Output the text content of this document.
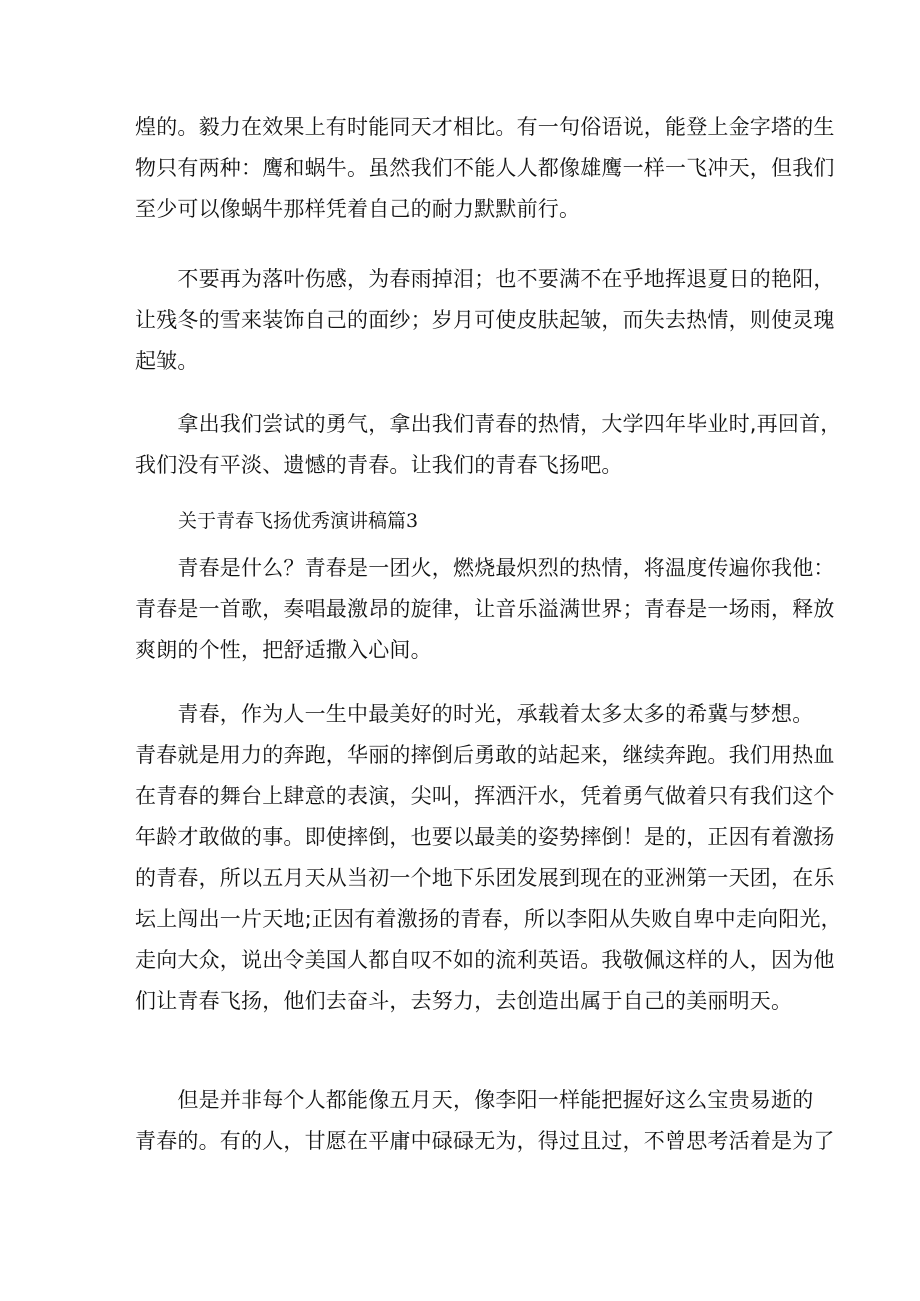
煌的。毅力在效果上有时能同天才相比。有一句俗语说，能登上金字塔的生
物只有两种：鹰和蜗牛。虽然我们不能人人都像雄鹰一样一飞冲天，但我们
至少可以像蜗牛那样凭着自己的耐力默默前行。

　　不要再为落叶伤感，为春雨掉泪；也不要满不在乎地挥退夏日的艳阳，
让残冬的雪来装饰自己的面纱；岁月可使皮肤起皱，而失去热情，则使灵瑰
起皱。

　　拿出我们尝试的勇气，拿出我们青春的热情，大学四年毕业时,再回首，
我们没有平淡、遗憾的青春。让我们的青春飞扬吧。

关于青春飞扬优秀演讲稿篇3

　　青春是什么？青春是一团火，燃烧最炽烈的热情，将温度传遍你我他：
青春是一首歌，奏唱最激昂的旋律，让音乐溢满世界；青春是一场雨，释放
爽朗的个性，把舒适撒入心间。

　　青春，作为人一生中最美好的时光，承载着太多太多的希冀与梦想。
青春就是用力的奔跑，华丽的摔倒后勇敢的站起来，继续奔跑。我们用热血
在青春的舞台上肆意的表演，尖叫，挥洒汗水，凭着勇气做着只有我们这个
年龄才敢做的事。即使摔倒，也要以最美的姿势摔倒！是的，正因有着激扬
的青春，所以五月天从当初一个地下乐团发展到现在的亚洲第一天团，在乐
坛上闯出一片天地;正因有着激扬的青春，所以李阳从失败自卑中走向阳光，
走向大众，说出令美国人都自叹不如的流利英语。我敬佩这样的人，因为他
们让青春飞扬，他们去奋斗，去努力，去创造出属于自己的美丽明天。

　　但是并非每个人都能像五月天，像李阳一样能把握好这么宝贵易逝的
青春的。有的人，甘愿在平庸中碌碌无为，得过且过，不曾思考活着是为了
